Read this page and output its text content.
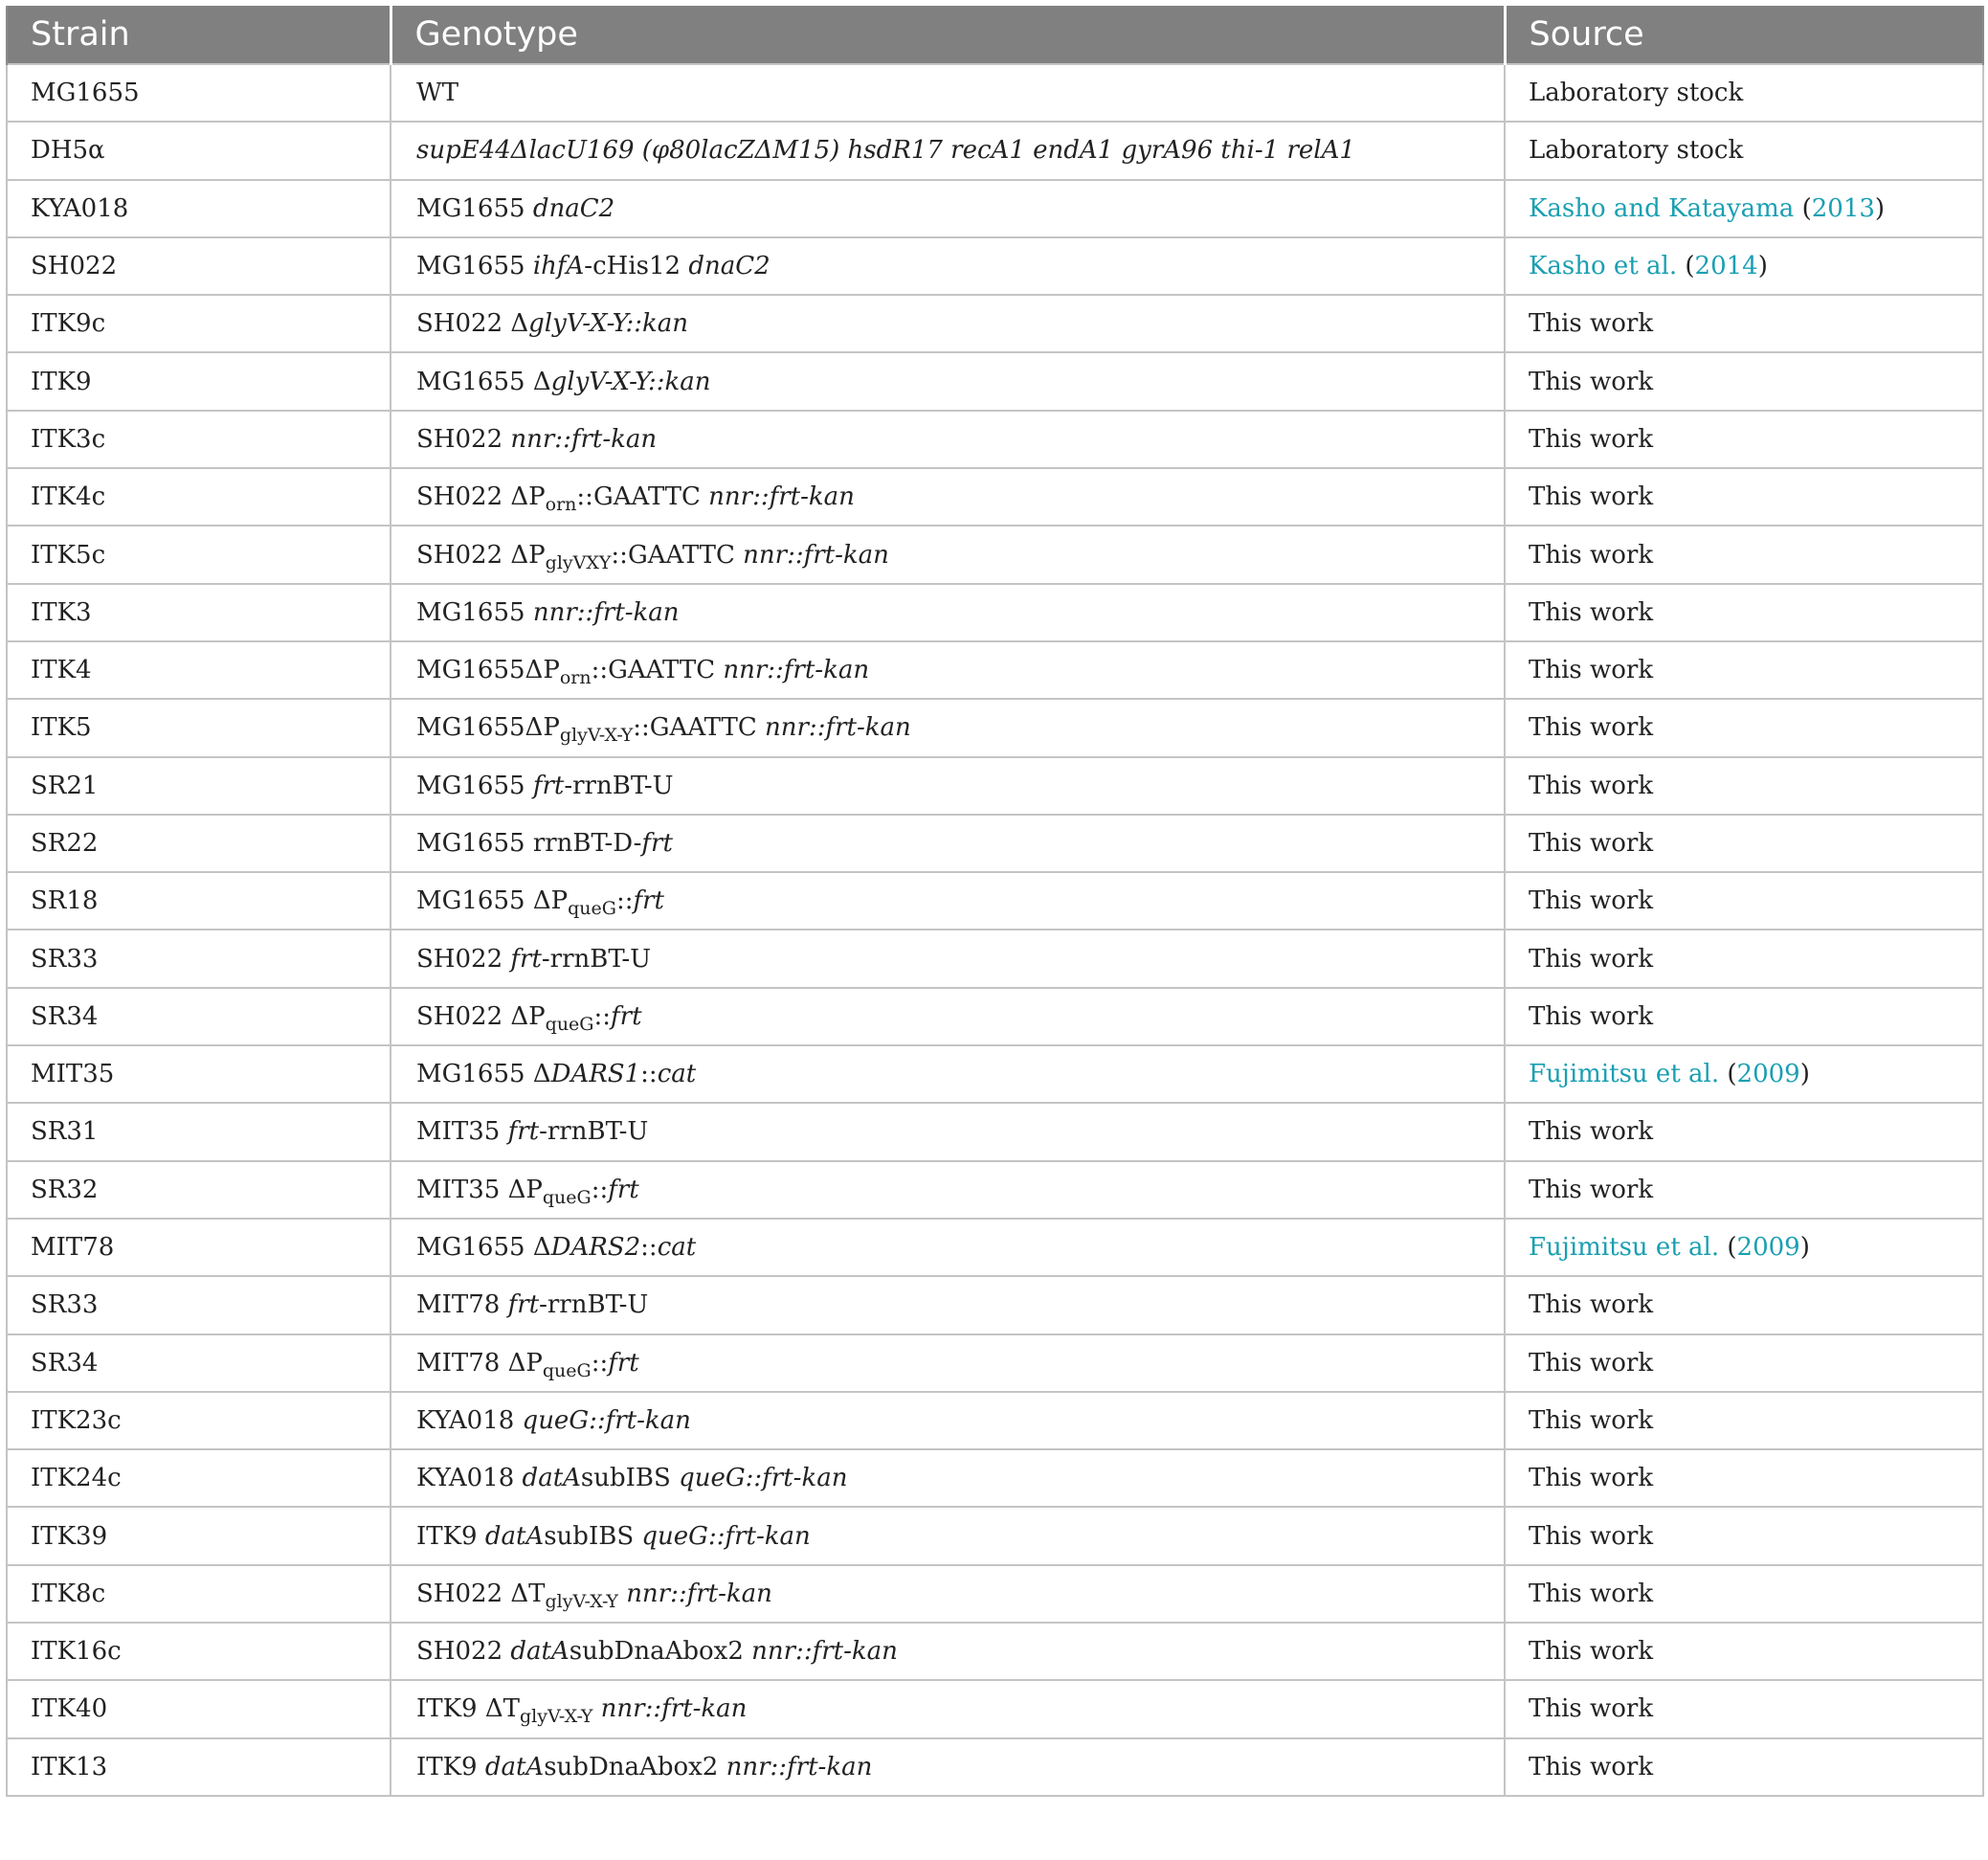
Strain	Genotype	Source
MG1655	WT	Laboratory stock
DH5α	supE44ΔlacU169 (φ80lacZΔM15) hsdR17 recA1 endA1 gyrA96 thi-1 relA1	Laboratory stock
KYA018	MG1655 dnaC2	Kasho and Katayama (2013)
SH022	MG1655 ihfA-cHis12 dnaC2	Kasho et al. (2014)
ITK9c	SH022 ΔglyV-X-Y::kan	This work
ITK9	MG1655 ΔglyV-X-Y::kan	This work
ITK3c	SH022 nnr::frt-kan	This work
ITK4c	SH022 $\Delta P_{orn}::GAATTC$ nnr::frt-kan	This work
ITK5c	SH022 $\Delta P_{glyVXY}::GAATTC$ nnr::frt-kan	This work
ITK3	MG1655 nnr::frt-kan	This work
ITK4	$MG1655\Delta P_{orn}::GAATTC$ nnr::frt-kan	This work
ITK5	$MG1655\Delta P_{glyV-X-Y}::GAATTC$ nnr::frt-kan	This work
SR21	MG1655 frt-rrnBT-U	This work
SR22	MG1655 rrnBT-D-frt	This work
SR18	MG1655 $\Delta P_{queG}::frt$	This work
SR33	SH022 frt-rrnBT-U	This work
SR34	SH022 $\Delta P_{queG}::frt$	This work
MIT35	MG1655 ΔDARS1::cat	Fujimitsu et al. (2009)
SR31	MIT35 frt-rrnBT-U	This work
SR32	MIT35 $\Delta P_{queG}::frt$	This work
MIT78	MG1655 ΔDARS2::cat	Fujimitsu et al. (2009)
SR33	MIT78 frt-rrnBT-U	This work
SR34	MIT78 $\Delta P_{queG}::frt$	This work
ITK23c	KYA018 queG::frt-kan	This work
ITK24c	KYA018 datAsubIBS queG::frt-kan	This work
ITK39	ITK9 datAsubIBS queG::frt-kan	This work
ITK8c	SH022 $\Delta T_{glyV-X-Y}$ nnr::frt-kan	This work
ITK16c	SH022 datAsubDnaAbox2 nnr::frt-kan	This work
ITK40	ITK9 $\Delta T_{glyV-X-Y}$ nnr::frt-kan	This work
ITK13	ITK9 datAsubDnaAbox2 nnr::frt-kan	This work
